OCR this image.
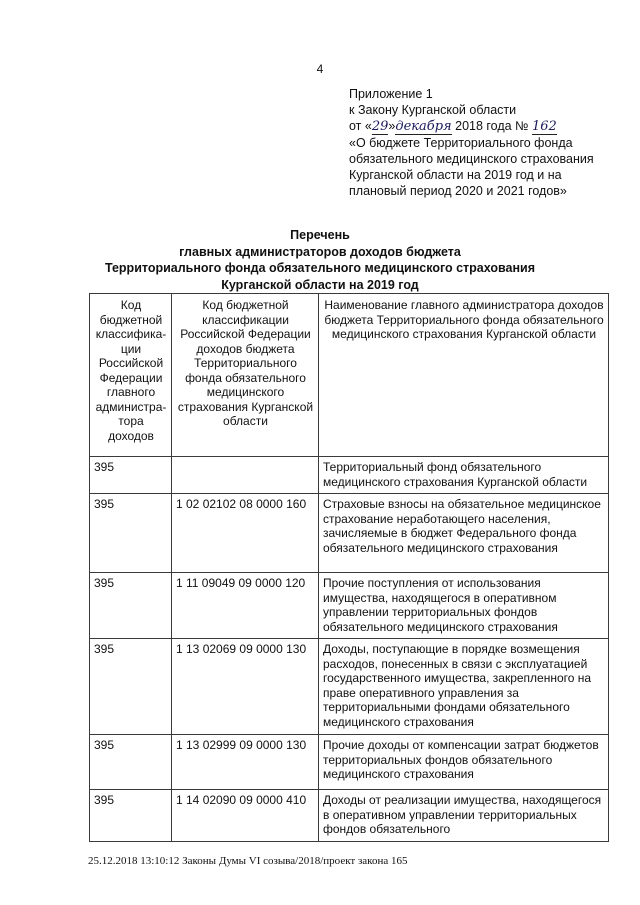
4
Приложение 1
к Закону Курганской области
от «29»декабря 2018 года № 162
«О бюджете Территориального фонда обязательного медицинского страхования Курганской области на 2019 год и на плановый период 2020 и 2021 годов»
Перечень
главных администраторов доходов бюджета
Территориального фонда обязательного медицинского страхования
Курганской области на 2019 год
Код бюджетной классифика-ции Российской Федерации главного администра-тора доходов	Код бюджетной классификации Российской Федерации доходов бюджета Территориального фонда обязательного медицинского страхования Курганской области	Наименование главного администратора доходов бюджета Территориального фонда обязательного медицинского страхования Курганской области
395		Территориальный фонд обязательного медицинского страхования Курганской области
395	1 02 02102 08 0000 160	Страховые взносы на обязательное медицинское страхование неработающего населения, зачисляемые в бюджет Федерального фонда обязательного медицинского страхования
395	1 11 09049 09 0000 120	Прочие поступления от использования имущества, находящегося в оперативном управлении территориальных фондов обязательного медицинского страхования
395	1 13 02069 09 0000 130	Доходы, поступающие в порядке возмещения расходов, понесенных в связи с эксплуатацией государственного имущества, закрепленного на праве оперативного управления за территориальными фондами обязательного медицинского страхования
395	1 13 02999 09 0000 130	Прочие доходы от компенсации затрат бюджетов территориальных фондов обязательного медицинского страхования
395	1 14 02090 09 0000 410	Доходы от реализации имущества, находящегося в оперативном управлении территориальных фондов обязательного
25.12.2018 13:10:12 Законы Думы VI созыва/2018/проект закона 165
